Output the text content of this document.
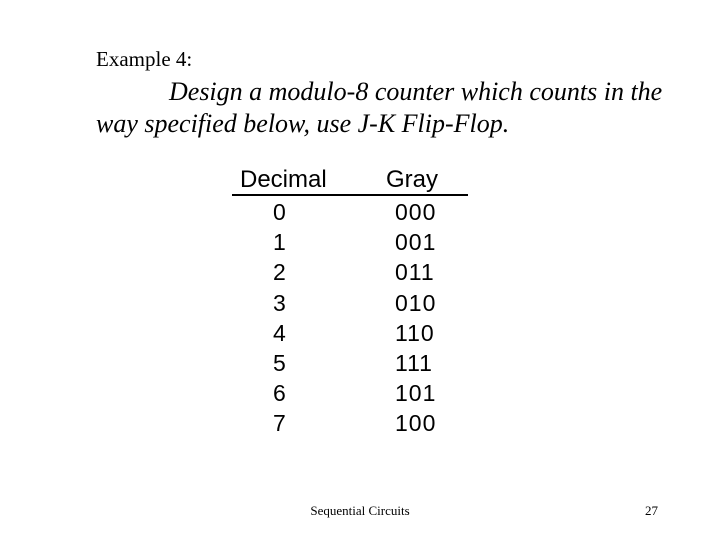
Example 4:
Design a modulo-8 counter which counts in the
way specified below, use J-K Flip-Flop.
Decimal Gray
0	000
1	001
2	011
3	010
4	110
5	111
6	101
7	100
Sequential Circuits	27
